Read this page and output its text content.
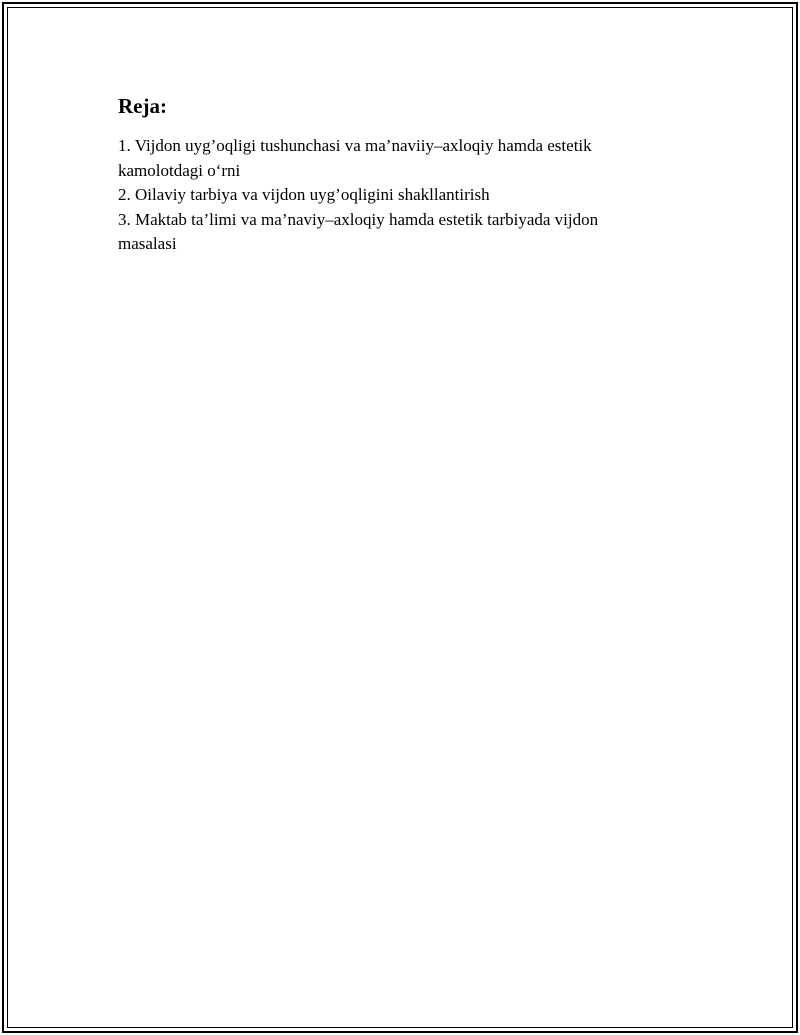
Reja:
1. Vijdon uyg’oqligi tushunchasi va ma’naviiy–axloqiy hamda estetik kamolotdagi o‘rni
2. Oilaviy tarbiya va vijdon uyg’oqligini shakllantirish
3. Maktab ta’limi va ma’naviy–axloqiy hamda estetik tarbiyada vijdon masalasi
